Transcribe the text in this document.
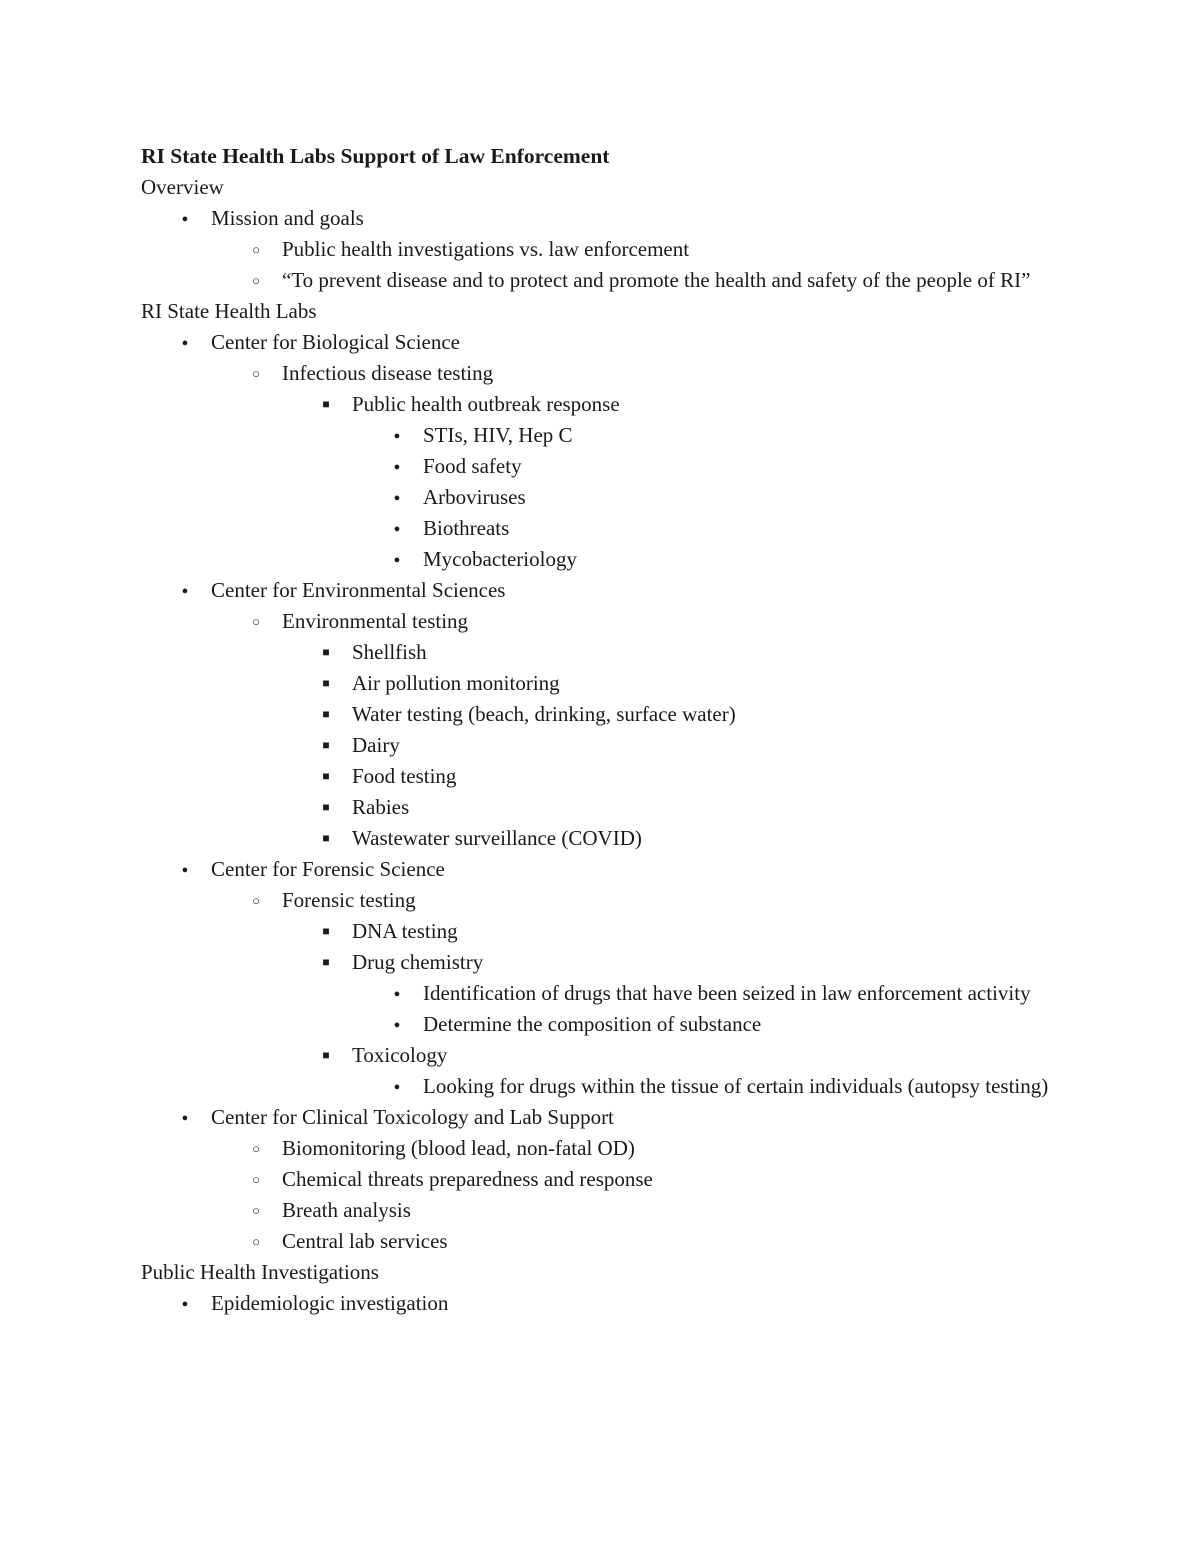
RI State Health Labs Support of Law Enforcement

Overview

●
Mission and goals
○
Public health investigations vs. law enforcement
○
“To prevent disease and to protect and promote the health and safety of the people of RI”

RI State Health Labs

●
Center for Biological Science
○
Infectious disease testing
■
Public health outbreak response
●
STIs, HIV, Hep C
●
Food safety
●
Arboviruses
●
Biothreats
●
Mycobacteriology
●
Center for Environmental Sciences
○
Environmental testing
■
Shellfish
■
Air pollution monitoring
■
Water testing (beach, drinking, surface water)
■
Dairy
■
Food testing
■
Rabies
■
Wastewater surveillance (COVID)
●
Center for Forensic Science
○
Forensic testing
■
DNA testing
■
Drug chemistry
●
Identification of drugs that have been seized in law enforcement activity
●
Determine the composition of substance
■
Toxicology
●
Looking for drugs within the tissue of certain individuals (autopsy testing)
●
Center for Clinical Toxicology and Lab Support
○
Biomonitoring (blood lead, non-fatal OD)
○
Chemical threats preparedness and response
○
Breath analysis
○
Central lab services

Public Health Investigations

●
Epidemiologic investigation
